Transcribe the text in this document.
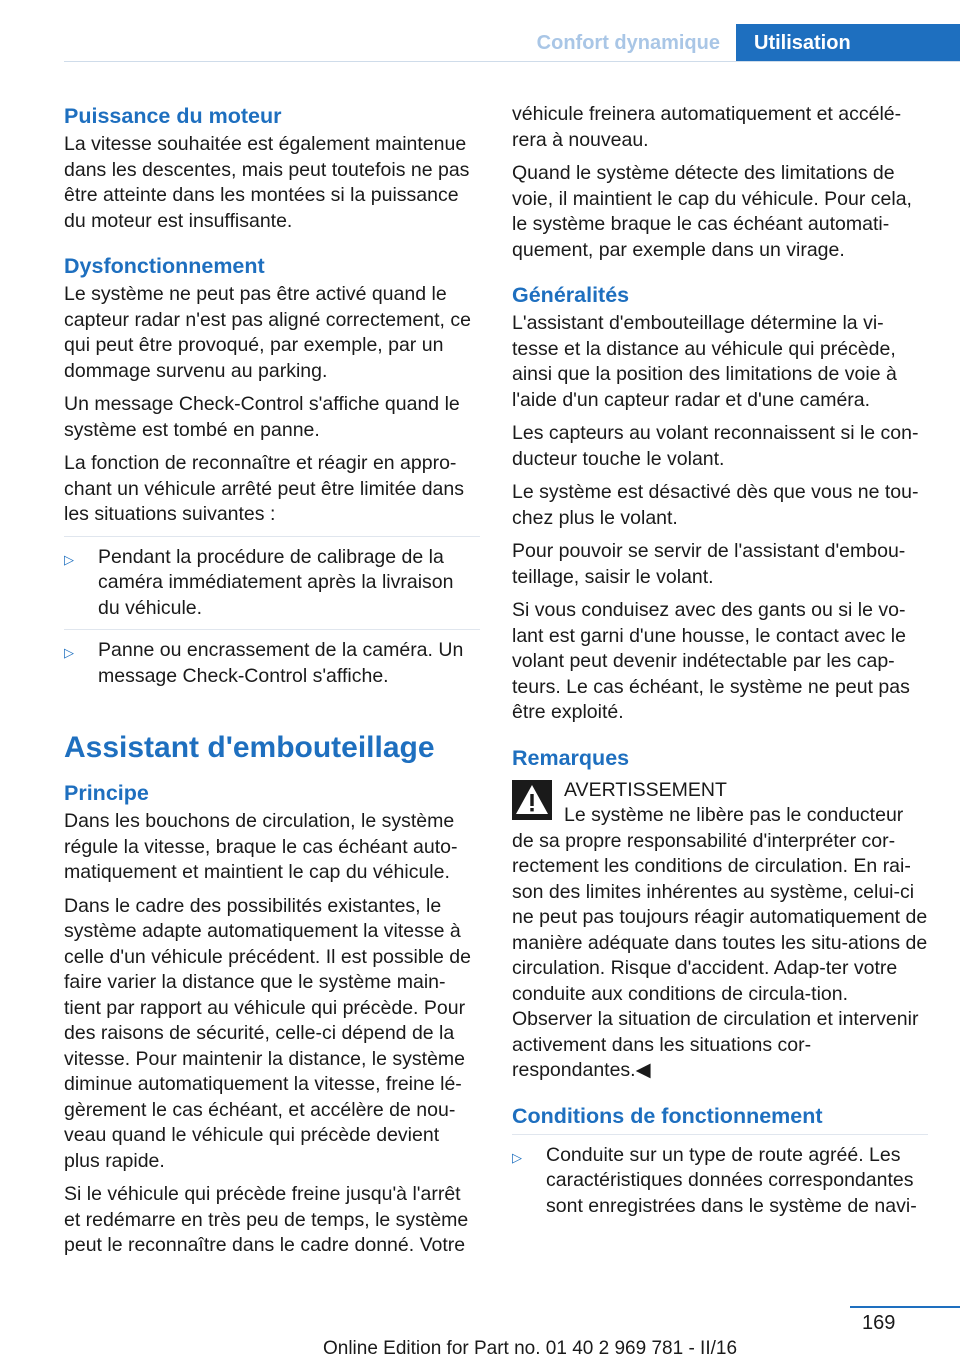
Confort dynamique	Utilisation
Puissance du moteur

La vitesse souhaitée est également maintenue dans les descentes, mais peut toutefois ne pas être atteinte dans les montées si la puissance du moteur est insuffisante.

Dysfonctionnement

Le système ne peut pas être activé quand le capteur radar n'est pas aligné correctement, ce qui peut être provoqué, par exemple, par un dommage survenu au parking.

Un message Check-Control s'affiche quand le système est tombé en panne.

La fonction de reconnaître et réagir en appro-chant un véhicule arrêté peut être limitée dans les situations suivantes :

▷	Pendant la procédure de calibrage de la caméra immédiatement après la livraison du véhicule.
▷	Panne ou encrassement de la caméra. Un message Check-Control s'affiche.
Assistant d'embouteillage
Principe

Dans les bouchons de circulation, le système régule la vitesse, braque le cas échéant auto-matiquement et maintient le cap du véhicule.

Dans le cadre des possibilités existantes, le système adapte automatiquement la vitesse à celle d'un véhicule précédent. Il est possible de faire varier la distance que le système main-tient par rapport au véhicule qui précède. Pour des raisons de sécurité, celle-ci dépend de la vitesse. Pour maintenir la distance, le système diminue automatiquement la vitesse, freine lé-gèrement le cas échéant, et accélère de nou-veau quand le véhicule qui précède devient plus rapide.

Si le véhicule qui précède freine jusqu'à l'arrêt et redémarre en très peu de temps, le système peut le reconnaître dans le cadre donné. Votre

véhicule freinera automatiquement et accélé-rera à nouveau.

Quand le système détecte des limitations de voie, il maintient le cap du véhicule. Pour cela, le système braque le cas échéant automati-quement, par exemple dans un virage.

Généralités

L'assistant d'embouteillage détermine la vi-tesse et la distance au véhicule qui précède, ainsi que la position des limitations de voie à l'aide d'un capteur radar et d'une caméra.

Les capteurs au volant reconnaissent si le con-ducteur touche le volant.

Le système est désactivé dès que vous ne tou-chez plus le volant.

Pour pouvoir se servir de l'assistant d'embou-teillage, saisir le volant.

Si vous conduisez avec des gants ou si le vo-lant est garni d'une housse, le contact avec le volant peut devenir indétectable par les cap-teurs. Le cas échéant, le système ne peut pas être exploité.

Remarques
AVERTISSEMENT
Le système ne libère pas le conducteur

de sa propre responsabilité d'interpréter cor-rectement les conditions de circulation. En rai-son des limites inhérentes au système, celui-ci ne peut pas toujours réagir automatiquement de manière adéquate dans toutes les situ-ations de circulation. Risque d'accident. Adap-ter votre conduite aux conditions de circula-tion. Observer la situation de circulation et intervenir activement dans les situations cor-respondantes.◀

Conditions de fonctionnement
▷	Conduite sur un type de route agréé. Les caractéristiques données correspondantes sont enregistrées dans le système de navi-
169
Online Edition for Part no. 01 40 2 969 781 - II/16
